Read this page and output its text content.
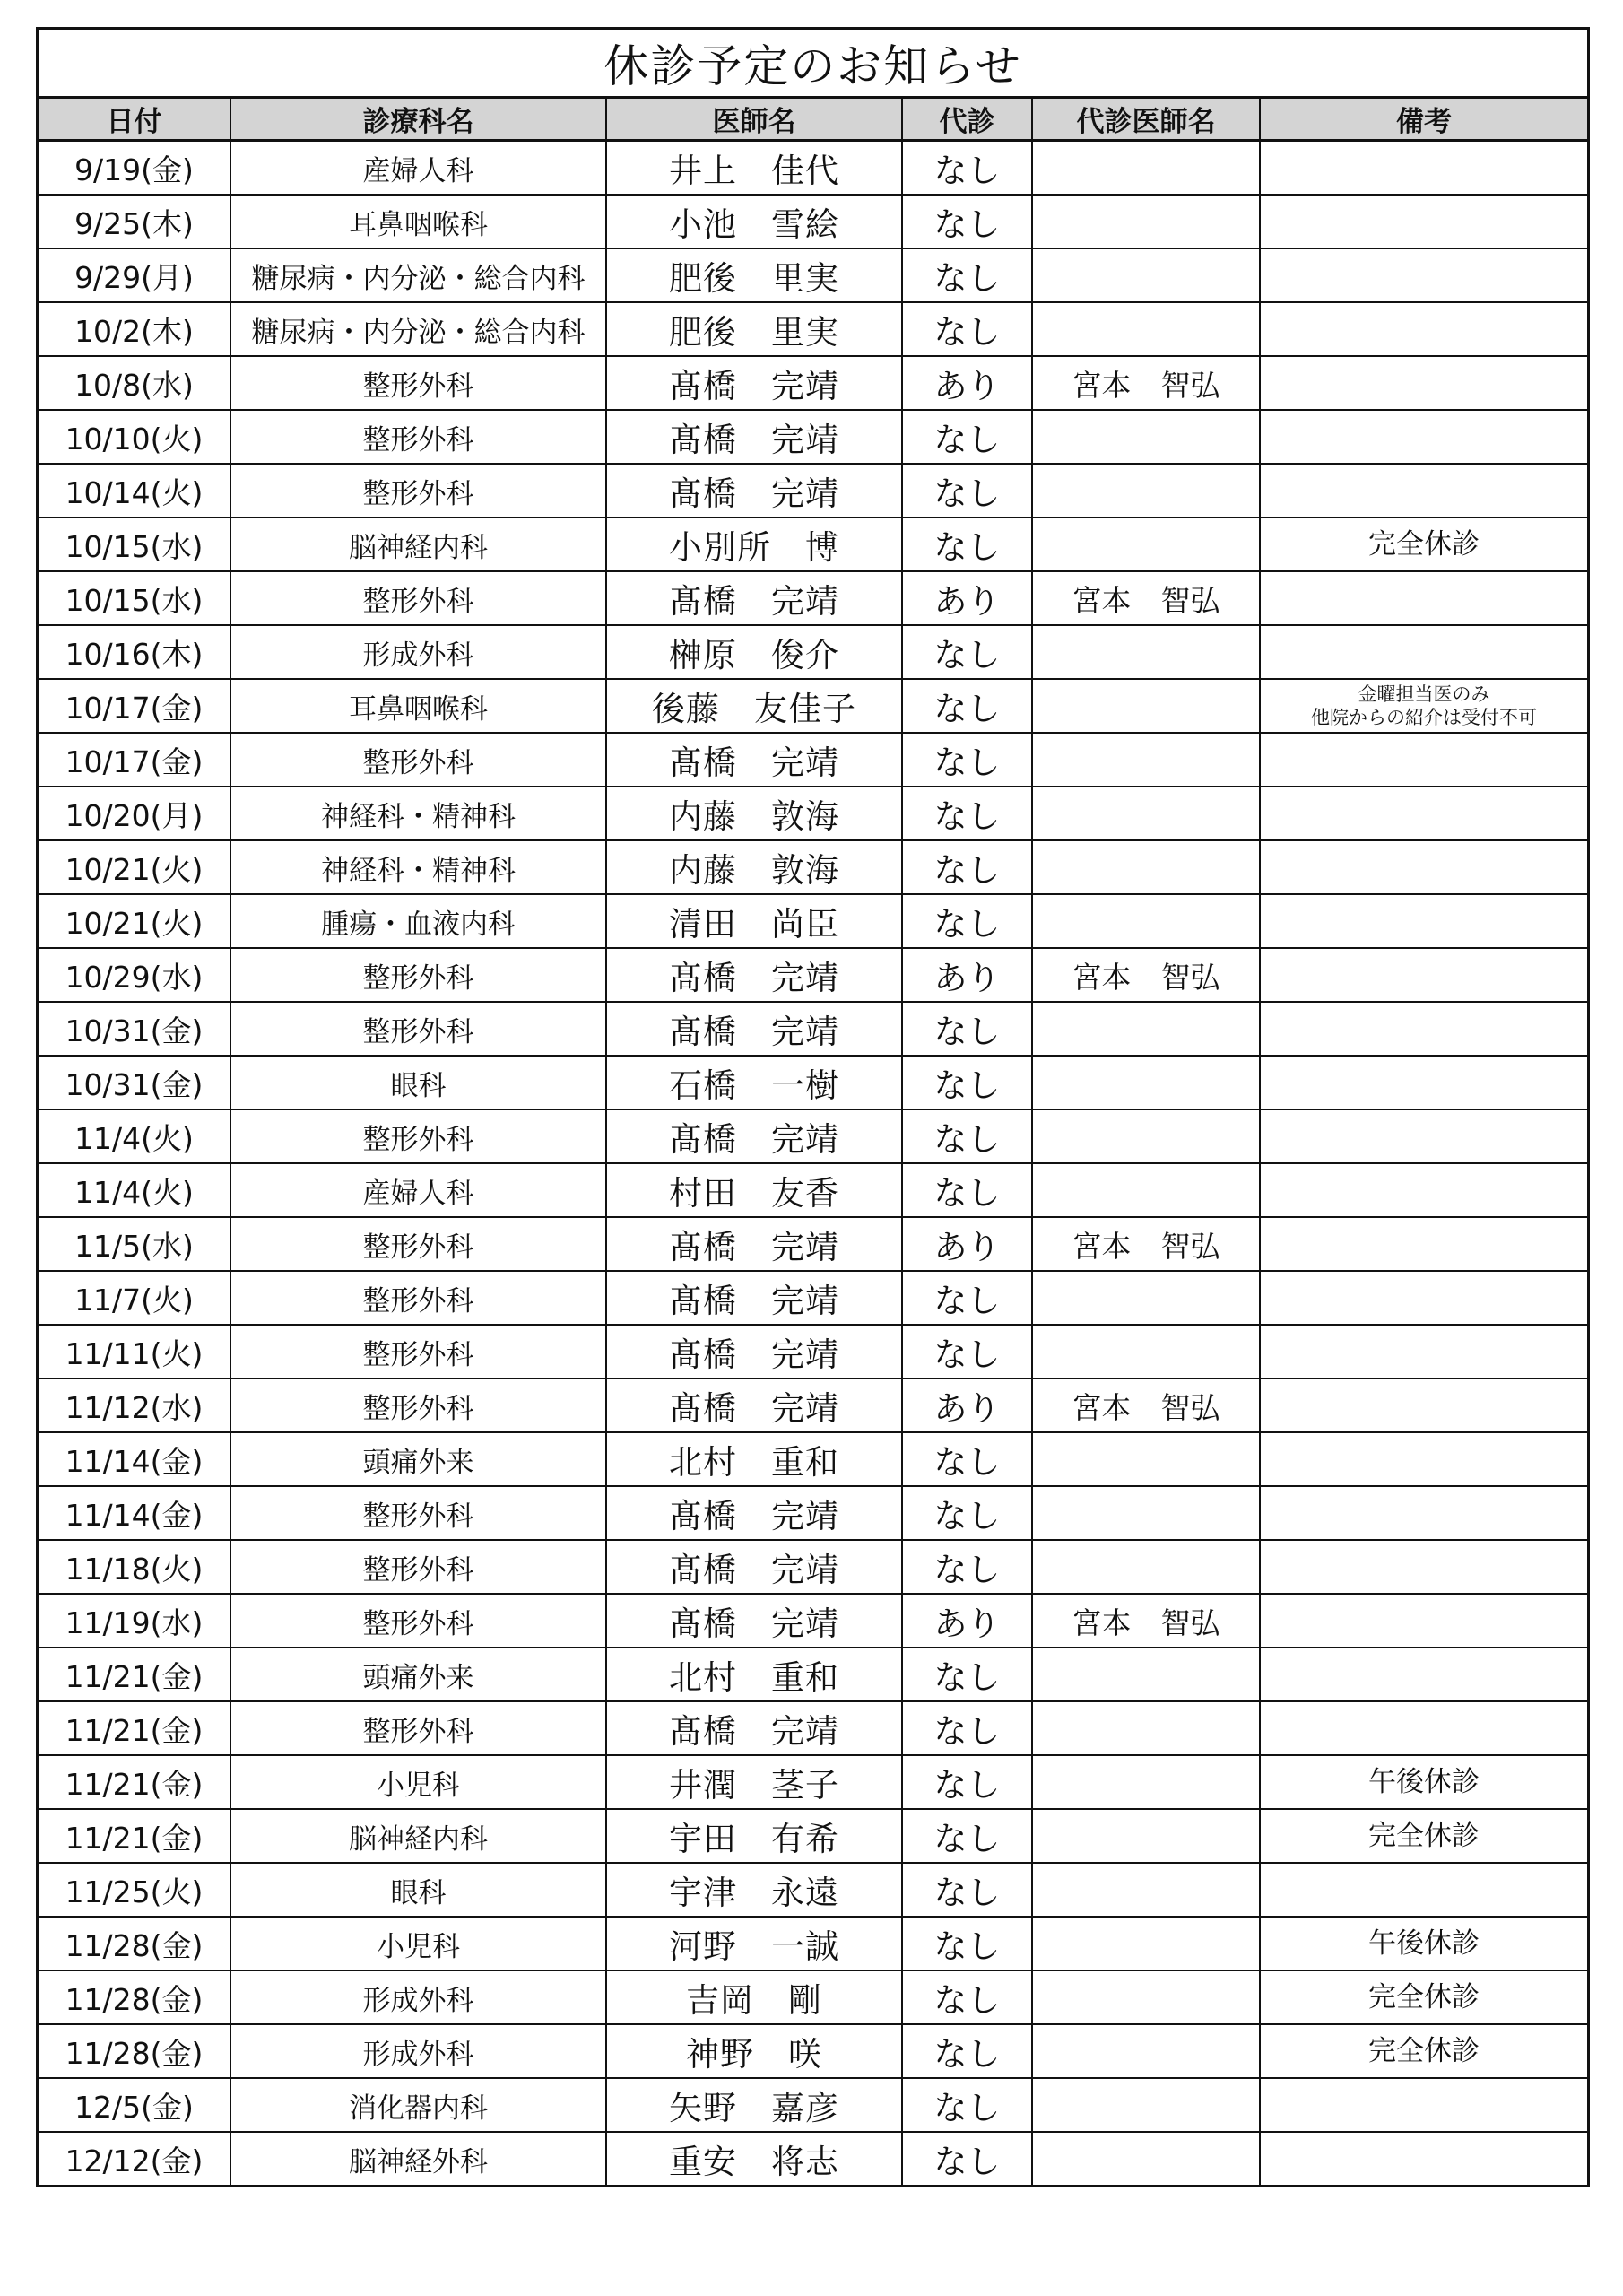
休診予定のお知らせ
日付	診療科名	医師名	代診	代診医師名	備考
9/19(金)	産婦人科	井上　佳代	なし		
9/25(木)	耳鼻咽喉科	小池　雪絵	なし		
9/29(月)	糖尿病・内分泌・総合内科	肥後　里実	なし		
10/2(木)	糖尿病・内分泌・総合内科	肥後　里実	なし		
10/8(水)	整形外科	髙橋　完靖	あり	宮本　智弘	
10/10(火)	整形外科	髙橋　完靖	なし		
10/14(火)	整形外科	髙橋　完靖	なし		
10/15(水)	脳神経内科	小別所　博	なし		完全休診
10/15(水)	整形外科	髙橋　完靖	あり	宮本　智弘	
10/16(木)	形成外科	榊原　俊介	なし		
10/17(金)	耳鼻咽喉科	後藤　友佳子	なし		金曜担当医のみ
他院からの紹介は受付不可
10/17(金)	整形外科	髙橋　完靖	なし		
10/20(月)	神経科・精神科	内藤　敦海	なし		
10/21(火)	神経科・精神科	内藤　敦海	なし		
10/21(火)	腫瘍・血液内科	清田　尚臣	なし		
10/29(水)	整形外科	髙橋　完靖	あり	宮本　智弘	
10/31(金)	整形外科	髙橋　完靖	なし		
10/31(金)	眼科	石橋　一樹	なし		
11/4(火)	整形外科	髙橋　完靖	なし		
11/4(火)	産婦人科	村田　友香	なし		
11/5(水)	整形外科	髙橋　完靖	あり	宮本　智弘	
11/7(火)	整形外科	髙橋　完靖	なし		
11/11(火)	整形外科	髙橋　完靖	なし		
11/12(水)	整形外科	髙橋　完靖	あり	宮本　智弘	
11/14(金)	頭痛外来	北村　重和	なし		
11/14(金)	整形外科	髙橋　完靖	なし		
11/18(火)	整形外科	髙橋　完靖	なし		
11/19(水)	整形外科	髙橋　完靖	あり	宮本　智弘	
11/21(金)	頭痛外来	北村　重和	なし		
11/21(金)	整形外科	髙橋　完靖	なし		
11/21(金)	小児科	井潤　茎子	なし		午後休診
11/21(金)	脳神経内科	宇田　有希	なし		完全休診
11/25(火)	眼科	宇津　永遠	なし		
11/28(金)	小児科	河野　一誠	なし		午後休診
11/28(金)	形成外科	吉岡　剛	なし		完全休診
11/28(金)	形成外科	神野　咲	なし		完全休診
12/5(金)	消化器内科	矢野　嘉彦	なし		
12/12(金)	脳神経外科	重安　将志	なし		
